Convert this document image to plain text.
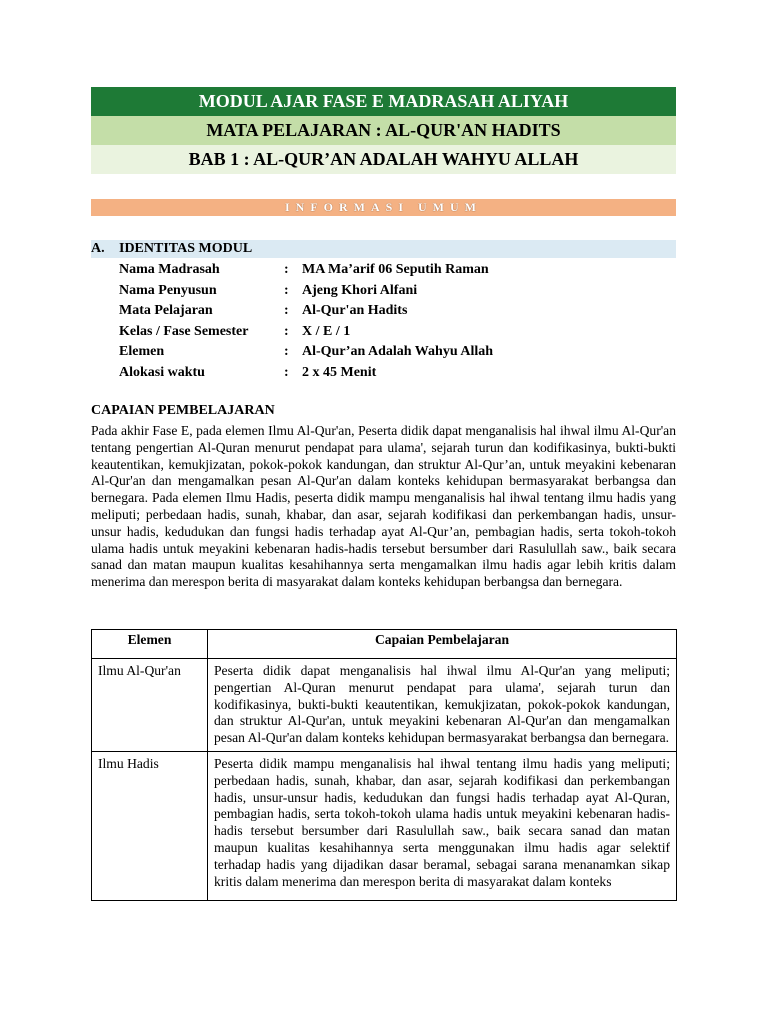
MODUL AJAR FASE E MADRASAH ALIYAH
MATA PELAJARAN : AL-QUR'AN HADITS
BAB 1 : AL-QUR’AN ADALAH WAHYU ALLAH
INFORMASI UMUM
A. IDENTITAS MODUL
Nama Madrasah	: MA Ma’arif 06 Seputih Raman
Nama Penyusun	: Ajeng Khori Alfani
Mata Pelajaran	: Al-Qur'an Hadits
Kelas / Fase Semester	: X / E / 1
Elemen	: Al-Qur’an Adalah Wahyu Allah
Alokasi waktu	: 2 x 45 Menit
CAPAIAN PEMBELAJARAN
Pada akhir Fase E, pada elemen Ilmu Al-Qur'an, Peserta didik dapat menganalisis hal ihwal ilmu Al-Qur'an tentang pengertian Al-Quran menurut pendapat para ulama', sejarah turun dan kodifikasinya, bukti-bukti keautentikan, kemukjizatan, pokok-pokok kandungan, dan struktur Al-Qur’an, untuk meyakini kebenaran Al-Qur'an dan mengamalkan pesan Al-Qur'an dalam konteks kehidupan bermasyarakat berbangsa dan bernegara. Pada elemen Ilmu Hadis, peserta didik mampu menganalisis hal ihwal tentang ilmu hadis yang meliputi; perbedaan hadis, sunah, khabar, dan asar, sejarah kodifikasi dan perkembangan hadis, unsur-unsur hadis, kedudukan dan fungsi hadis terhadap ayat Al-Qur’an, pembagian hadis, serta tokoh-tokoh ulama hadis untuk meyakini kebenaran hadis-hadis tersebut bersumber dari Rasulullah saw., baik secara sanad dan matan maupun kualitas kesahihannya serta mengamalkan ilmu hadis agar lebih kritis dalam menerima dan merespon berita di masyarakat dalam konteks kehidupan berbangsa dan bernegara.
Elemen	Capaian Pembelajaran
Ilmu Al-Qur'an	Peserta didik dapat menganalisis hal ihwal ilmu Al-Qur'an yang meliputi; pengertian Al-Quran menurut pendapat para ulama', sejarah turun dan kodifikasinya, bukti-bukti keautentikan, kemukjizatan, pokok-pokok kandungan, dan struktur Al-Qur'an, untuk meyakini kebenaran Al-Qur'an dan mengamalkan pesan Al-Qur'an dalam konteks kehidupan bermasyarakat berbangsa dan bernegara.
Ilmu Hadis	Peserta didik mampu menganalisis hal ihwal tentang ilmu hadis yang meliputi; perbedaan hadis, sunah, khabar, dan asar, sejarah kodifikasi dan perkembangan hadis, unsur-unsur hadis, kedudukan dan fungsi hadis terhadap ayat Al-Quran, pembagian hadis, serta tokoh-tokoh ulama hadis untuk meyakini kebenaran hadis-hadis tersebut bersumber dari Rasulullah saw., baik secara sanad dan matan maupun kualitas kesahihannya serta menggunakan ilmu hadis agar selektif terhadap hadis yang dijadikan dasar beramal, sebagai sarana menanamkan sikap kritis dalam menerima dan merespon berita di masyarakat dalam konteks
